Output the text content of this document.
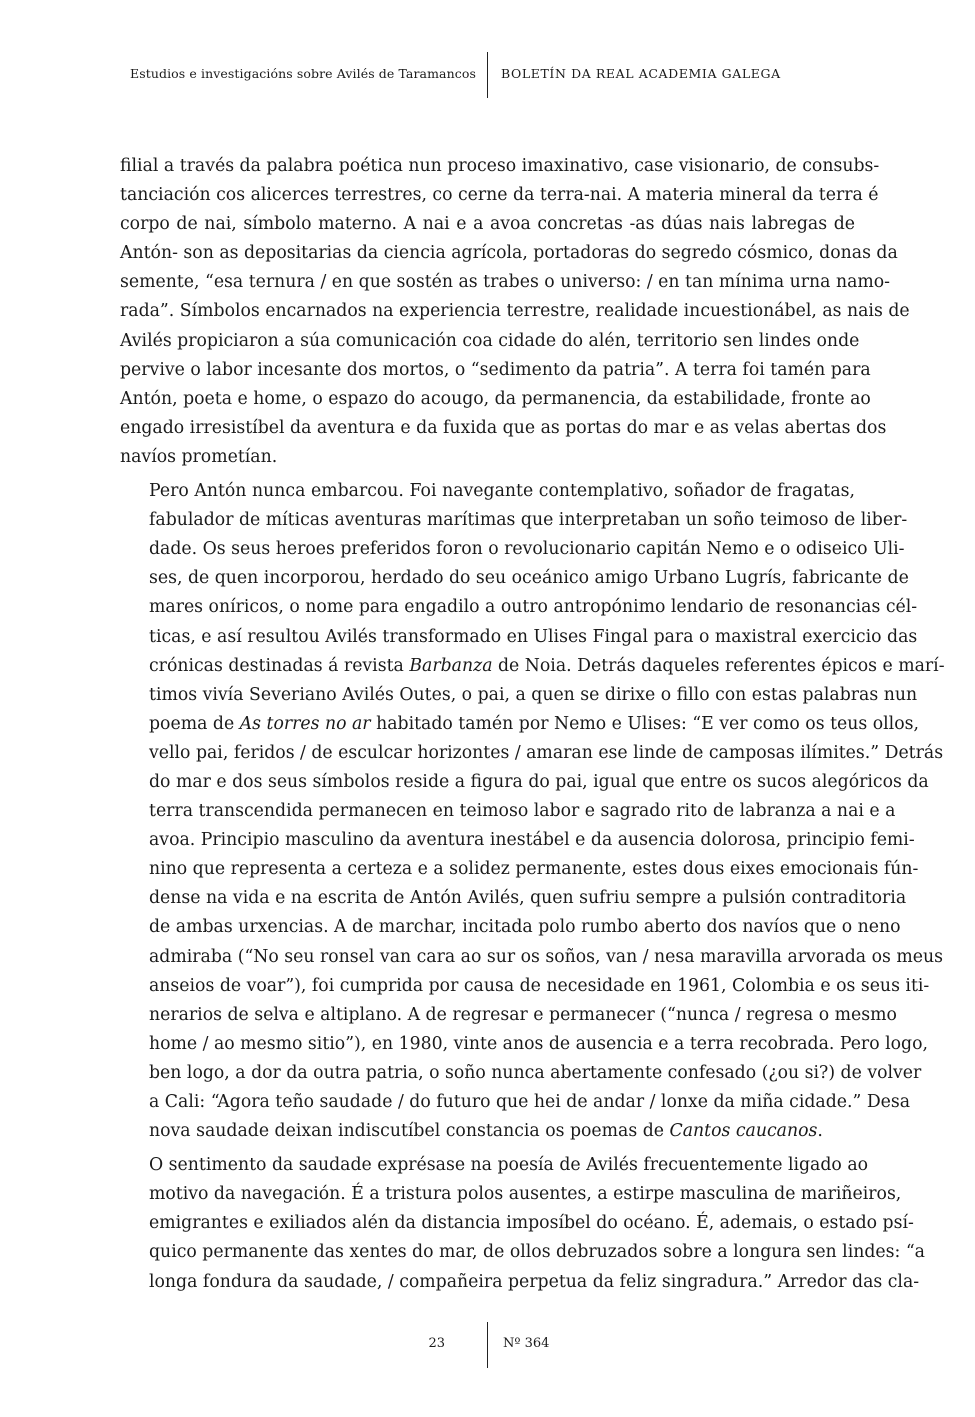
Estudios e investigacións sobre Avilés de Taramancos BOLETÍN DA REAL ACADEMIA GALEGA

filial a través da palabra poética nun proceso imaxinativo, case visionario, de consubs-
tanciación cos alicerces terrestres, co cerne da terra-nai. A materia mineral da terra é
corpo de nai, símbolo materno. A nai e a avoa concretas -as dúas nais labregas de
Antón- son as depositarias da ciencia agrícola, portadoras do segredo cósmico, donas da
semente, “esa ternura / en que sostén as trabes o universo: / en tan mínima urna namo-
rada”. Símbolos encarnados na experiencia terrestre, realidade incuestionábel, as nais de
Avilés propiciaron a súa comunicación coa cidade do alén, territorio sen lindes onde
pervive o labor incesante dos mortos, o “sedimento da patria”. A terra foi tamén para
Antón, poeta e home, o espazo do acougo, da permanencia, da estabilidade, fronte ao
engado irresistíbel da aventura e da fuxida que as portas do mar e as velas abertas dos
navíos prometían.

Pero Antón nunca embarcou. Foi navegante contemplativo, soñador de fragatas,
fabulador de míticas aventuras marítimas que interpretaban un soño teimoso de liber-
dade. Os seus heroes preferidos foron o revolucionario capitán Nemo e o odiseico Uli-
ses, de quen incorporou, herdado do seu oceánico amigo Urbano Lugrís, fabricante de
mares oníricos, o nome para engadilo a outro antropónimo lendario de resonancias cél-
ticas, e así resultou Avilés transformado en Ulises Fingal para o maxistral exercicio das
crónicas destinadas á revista Barbanza de Noia. Detrás daqueles referentes épicos e marí-
timos vivía Severiano Avilés Outes, o pai, a quen se dirixe o fillo con estas palabras nun
poema de As torres no ar habitado tamén por Nemo e Ulises: “E ver como os teus ollos,
vello pai, feridos / de esculcar horizontes / amaran ese linde de camposas ilímites.” Detrás
do mar e dos seus símbolos reside a figura do pai, igual que entre os sucos alegóricos da
terra transcendida permanecen en teimoso labor e sagrado rito de labranza a nai e a
avoa. Principio masculino da aventura inestábel e da ausencia dolorosa, principio femi-
nino que representa a certeza e a solidez permanente, estes dous eixes emocionais fún-
dense na vida e na escrita de Antón Avilés, quen sufriu sempre a pulsión contraditoria
de ambas urxencias. A de marchar, incitada polo rumbo aberto dos navíos que o neno
admiraba (“No seu ronsel van cara ao sur os soños, van / nesa maravilla arvorada os meus
anseios de voar”), foi cumprida por causa de necesidade en 1961, Colombia e os seus iti-
nerarios de selva e altiplano. A de regresar e permanecer (“nunca / regresa o mesmo
home / ao mesmo sitio”), en 1980, vinte anos de ausencia e a terra recobrada. Pero logo,
ben logo, a dor da outra patria, o soño nunca abertamente confesado (¿ou si?) de volver
a Cali: “Agora teño saudade / do futuro que hei de andar / lonxe da miña cidade.” Desa
nova saudade deixan indiscutíbel constancia os poemas de Cantos caucanos.

O sentimento da saudade exprésase na poesía de Avilés frecuentemente ligado ao
motivo da navegación. É a tristura polos ausentes, a estirpe masculina de mariñeiros,
emigrantes e exiliados alén da distancia imposíbel do océano. É, ademais, o estado psí-
quico permanente das xentes do mar, de ollos debruzados sobre a longura sen lindes: “a
longa fondura da saudade, / compañeira perpetua da feliz singradura.” Arredor das cla-

23	Nº 364
